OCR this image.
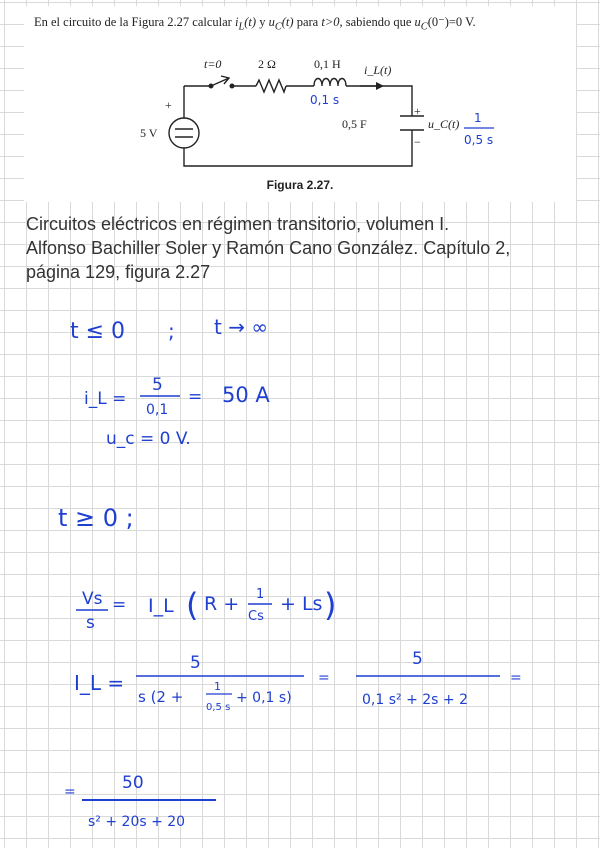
En el circuito de la Figura 2.27 calcular $i_L(t)$ y $u_C(t)$ para t>0, sabiendo que $u_C(0^-)=0$ V.
t=0	2 Ω	0,1 H i_L(t)
5 V
+
0,5 F
+
−
u_C(t)
0,1 s
1
0,5 s
Figura 2.27.
Circuitos eléctricos en régimen transitorio, volumen I.
Alfonso Bachiller Soler y Ramón Cano González. Capítulo 2,
página 129, figura 2.27
t ≤ 0 ; t → ∞
i_L =
5
0,1
= 50 A
u_c = 0 V.
t ≥ 0 ;
Vs
s
= I_L ( R + 1
Cs
+ Ls )
I_L =
5
s (2 +
1
0,5 s
+ 0,1 s)
=
5
0,1 s² + 2s + 2
=
=	50
s² + 20s + 20
